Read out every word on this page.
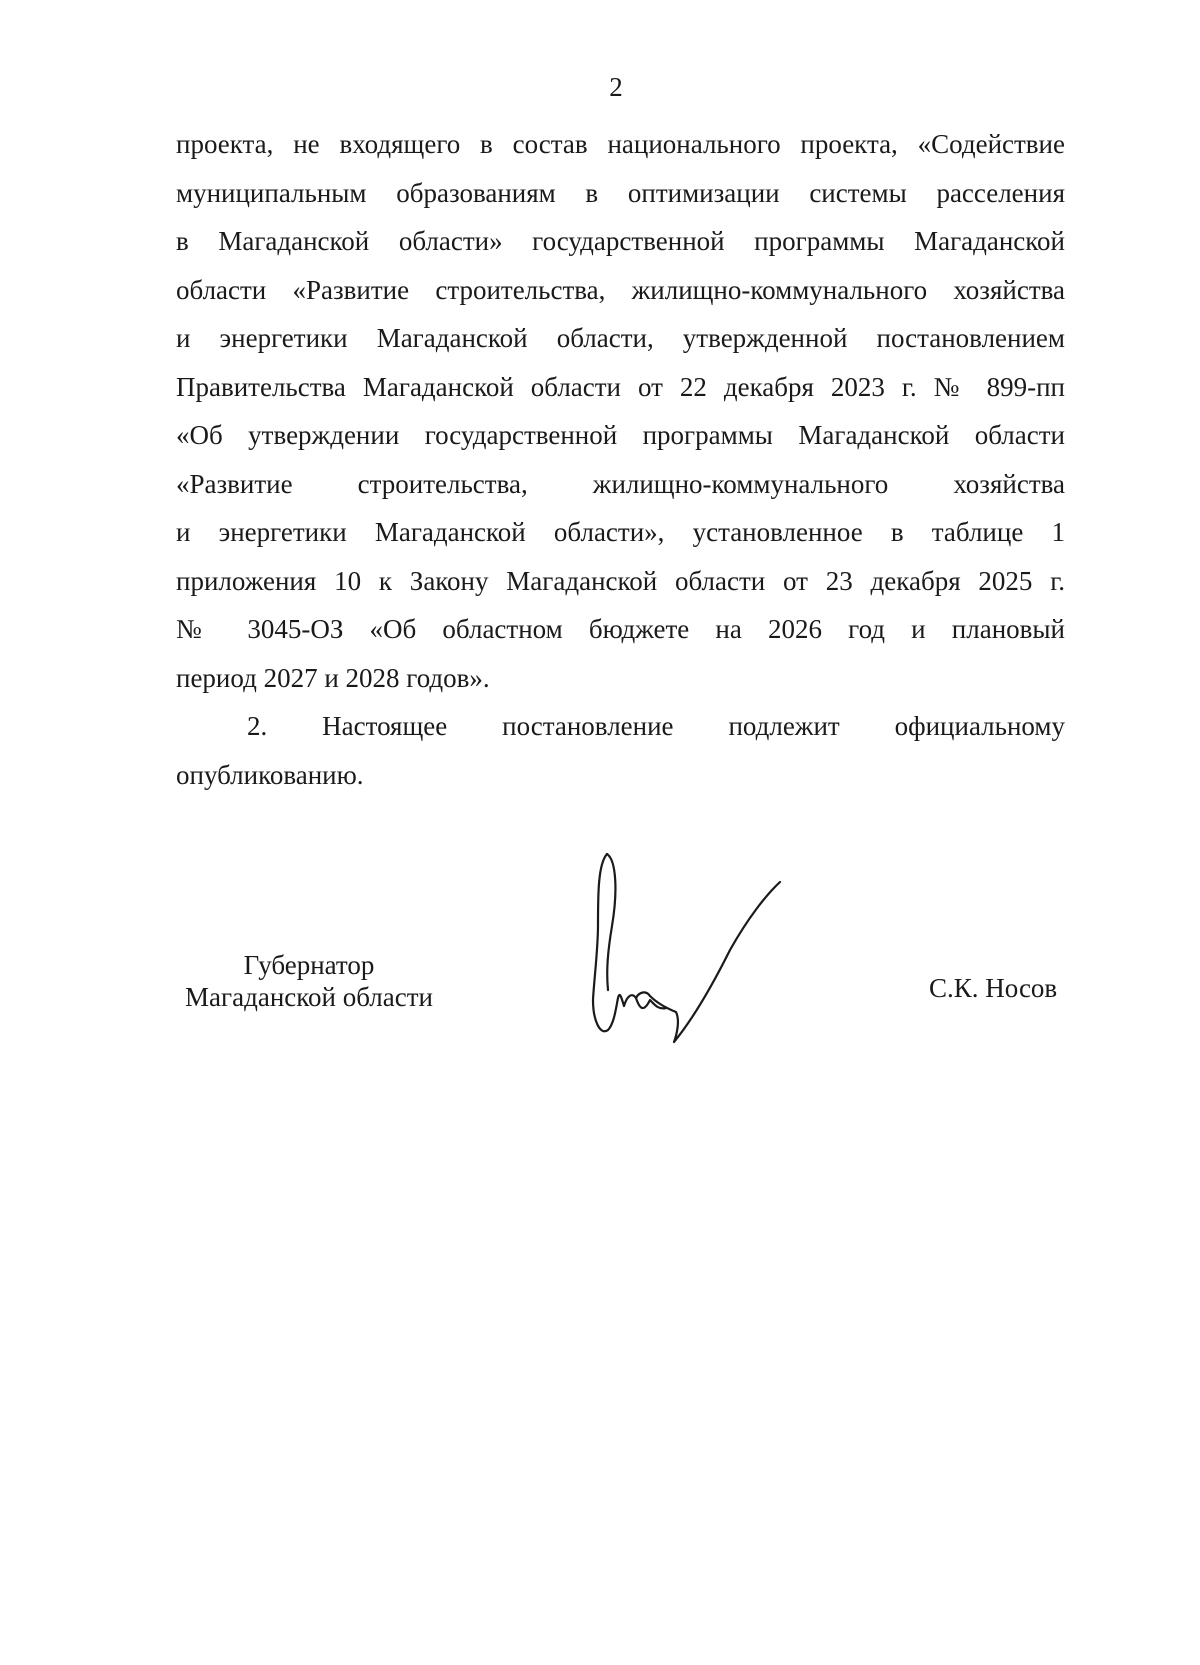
2
проекта, не входящего в состав национального проекта, «Содействие
муниципальным образованиям в оптимизации системы расселения
в Магаданской области» государственной программы Магаданской
области «Развитие строительства, жилищно-коммунального хозяйства
и энергетики Магаданской области, утвержденной постановлением
Правительства Магаданской области от 22 декабря 2023 г. № 899-пп
«Об утверждении государственной программы Магаданской области
«Развитие строительства, жилищно-коммунального хозяйства
и энергетики Магаданской области», установленное в таблице 1
приложения 10 к Закону Магаданской области от 23 декабря 2025 г.
№ 3045-ОЗ «Об областном бюджете на 2026 год и плановый
период 2027 и 2028 годов».
2. Настоящее постановление подлежит официальному
опубликованию.
Губернатор
Магаданской области	С.К. Носов
